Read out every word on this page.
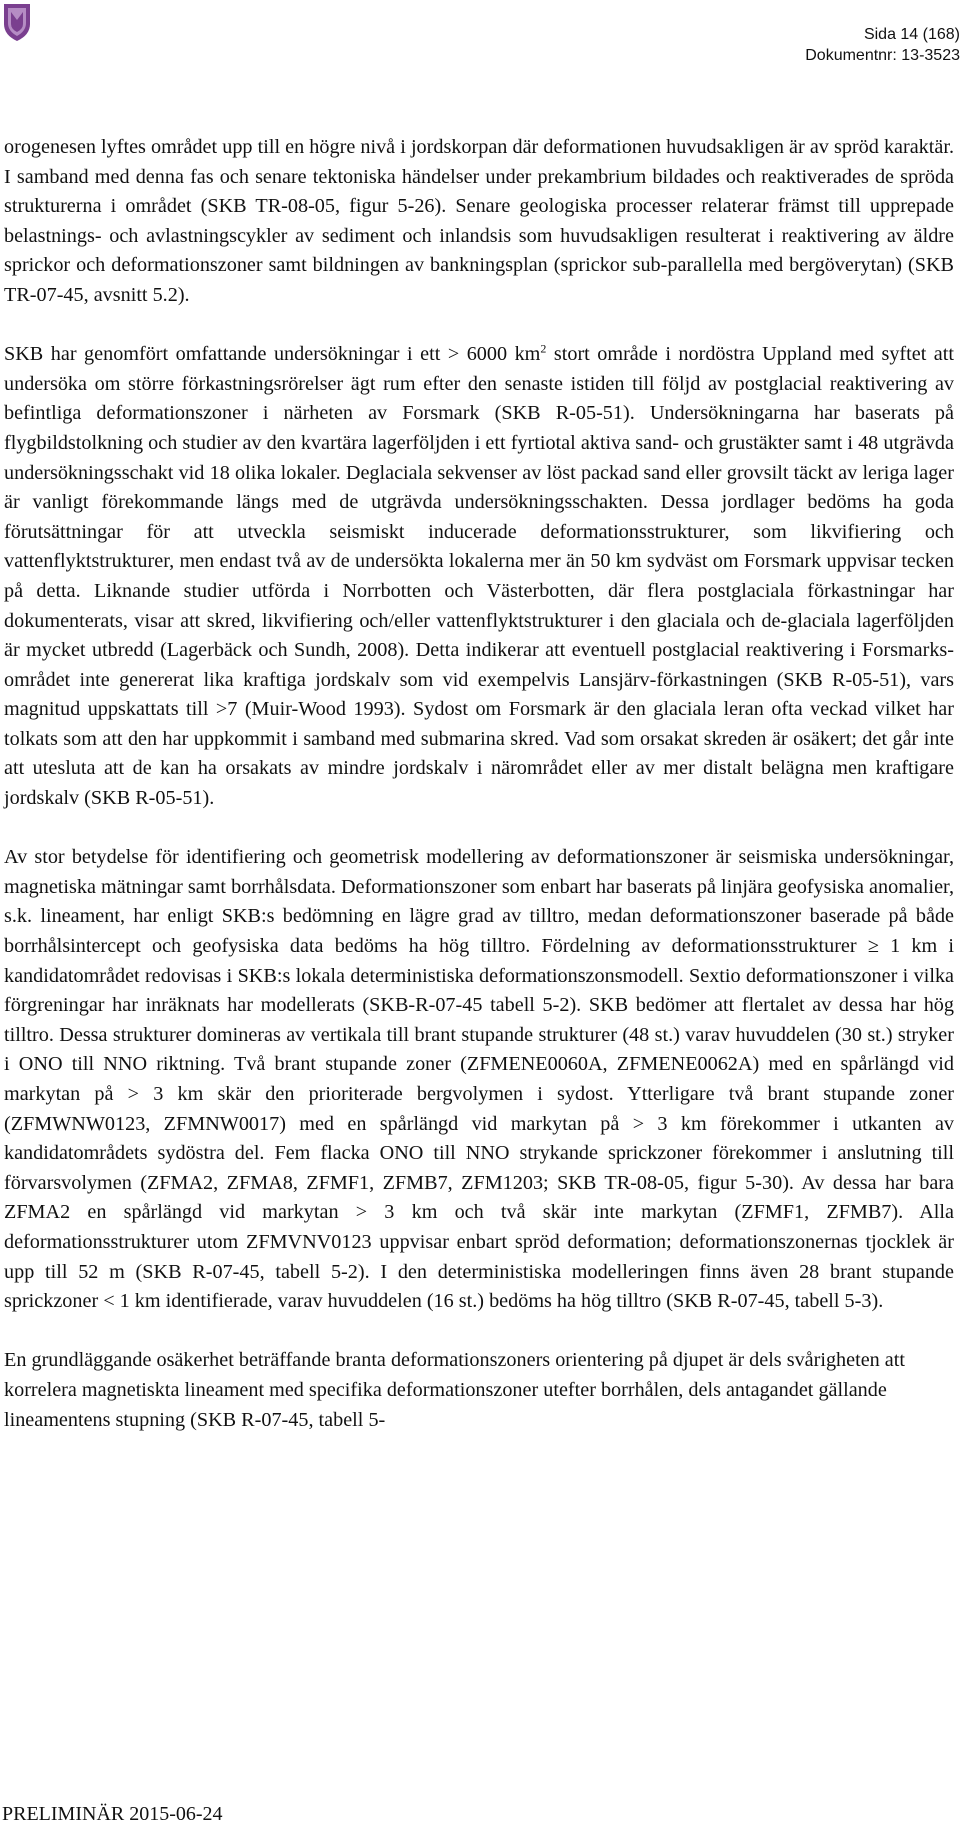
Sida 14 (168)
Dokumentnr: 13-3523

orogenesen lyftes området upp till en högre nivå i jordskorpan där deformationen huvudsakligen är av spröd karaktär. I samband med denna fas och senare tektoniska händelser under prekambrium bildades och reaktiverades de spröda strukturerna i området (SKB TR-08-05, figur 5-26). Senare geologiska processer relaterar främst till upprepade belastnings- och avlastningscykler av sediment och inlandsis som huvudsakligen resulterat i reaktivering av äldre sprickor och deformationszoner samt bildningen av bankningsplan (sprickor sub-parallella med bergöverytan) (SKB TR-07-45, avsnitt 5.2).

SKB har genomfört omfattande undersökningar i ett > 6000 $km^2$ stort område i nordöstra Uppland med syftet att undersöka om större förkastningsrörelser ägt rum efter den senaste istiden till följd av postglacial reaktivering av befintliga deformationszoner i närheten av Forsmark (SKB R-05-51). Undersökningarna har baserats på flygbildstolkning och studier av den kvartära lagerföljden i ett fyrtiotal aktiva sand- och grustäkter samt i 48 utgrävda undersökningsschakt vid 18 olika lokaler. Deglaciala sekvenser av löst packad sand eller grovsilt täckt av leriga lager är vanligt förekommande längs med de utgrävda undersökningsschakten. Dessa jordlager bedöms ha goda förutsättningar för att utveckla seismiskt inducerade deformationsstrukturer, som likvifiering och vattenflyktstrukturer, men endast två av de undersökta lokalerna mer än 50 km sydväst om Forsmark uppvisar tecken på detta. Liknande studier utförda i Norrbotten och Västerbotten, där flera postglaciala förkastningar har dokumenterats, visar att skred, likvifiering och/eller vattenflyktstrukturer i den glaciala och de-glaciala lagerföljden är mycket utbredd (Lagerbäck och Sundh, 2008). Detta indikerar att eventuell postglacial reaktivering i Forsmarks-området inte genererat lika kraftiga jordskalv som vid exempelvis Lansjärv-förkastningen (SKB R-05-51), vars magnitud uppskattats till >7 (Muir-Wood 1993). Sydost om Forsmark är den glaciala leran ofta veckad vilket har tolkats som att den har uppkommit i samband med submarina skred. Vad som orsakat skreden är osäkert; det går inte att utesluta att de kan ha orsakats av mindre jordskalv i närområdet eller av mer distalt belägna men kraftigare jordskalv (SKB R-05-51).

Av stor betydelse för identifiering och geometrisk modellering av deformationszoner är seismiska undersökningar, magnetiska mätningar samt borrhålsdata. Deformationszoner som enbart har baserats på linjära geofysiska anomalier, s.k. lineament, har enligt SKB:s bedömning en lägre grad av tilltro, medan deformationszoner baserade på både borrhålsintercept och geofysiska data bedöms ha hög tilltro. Fördelning av deformationsstrukturer ≥ 1 km i kandidatområdet redovisas i SKB:s lokala deterministiska deformationszonsmodell. Sextio deformationszoner i vilka förgreningar har inräknats har modellerats (SKB-R-07-45 tabell 5-2). SKB bedömer att flertalet av dessa har hög tilltro. Dessa strukturer domineras av vertikala till brant stupande strukturer (48 st.) varav huvuddelen (30 st.) stryker i ONO till NNO riktning. Två brant stupande zoner (ZFMENE0060A, ZFMENE0062A) med en spårlängd vid markytan på > 3 km skär den prioriterade bergvolymen i sydost. Ytterligare två brant stupande zoner (ZFMWNW0123, ZFMNW0017) med en spårlängd vid markytan på > 3 km förekommer i utkanten av kandidatområdets sydöstra del. Fem flacka ONO till NNO strykande sprickzoner förekommer i anslutning till förvarsvolymen (ZFMA2, ZFMA8, ZFMF1, ZFMB7, ZFM1203; SKB TR-08-05, figur 5-30). Av dessa har bara ZFMA2 en spårlängd vid markytan > 3 km och två skär inte markytan (ZFMF1, ZFMB7). Alla deformationsstrukturer utom ZFMVNV0123 uppvisar enbart spröd deformation; deformationszonernas tjocklek är upp till 52 m (SKB R-07-45, tabell 5-2). I den deterministiska modelleringen finns även 28 brant stupande sprickzoner < 1 km identifierade, varav huvuddelen (16 st.) bedöms ha hög tilltro (SKB R-07-45, tabell 5-3).

En grundläggande osäkerhet beträffande branta deformationszoners orientering på djupet är dels svårigheten att korrelera magnetiskta lineament med specifika deformationszoner utefter borrhålen, dels antagandet gällande lineamentens stupning (SKB R-07-45, tabell 5-

PRELIMINÄR 2015-06-24
